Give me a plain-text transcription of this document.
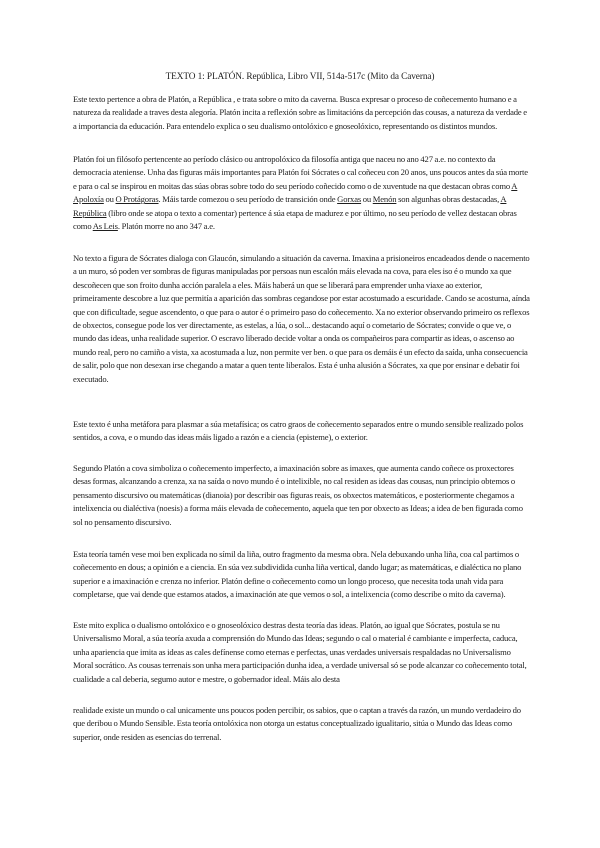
TEXTO 1: PLATÓN. República, Libro VII, 514a-517c (Mito da Caverna)

Este texto pertence a obra de Platón, a República , e trata sobre o mito da caverna. Busca expresar o proceso de coñecemento humano e a natureza da realidade a traves desta alegoría. Platón incita a reflexión sobre as limitacións da percepción das cousas, a natureza da verdade e a importancia da educación. Para entendelo explica o seu dualismo ontolóxico e gnoseolóxico, representando os distintos mundos.

Platón foi un filósofo pertencente ao período clásico ou antropolóxico da filosofía antiga que naceu no ano 427 a.e. no contexto da democracia ateniense. Unha das figuras máis importantes para Platón foi Sócrates o cal coñeceu con 20 anos, uns poucos antes da súa morte e para o cal se inspirou en moitas das súas obras sobre todo do seu período coñecido como o de xuventude na que destacan obras como A Apoloxía ou O Protágoras. Máis tarde comezou o seu período de transición onde Gorxas ou Menón son algunhas obras destacadas, A República (libro onde se atopa o texto a comentar) pertence á súa etapa de madurez e por último, no seu período de vellez destacan obras como As Leis. Platón morre no ano 347 a.e.

No texto a figura de Sócrates dialoga con Glaucón, simulando a situación da caverna. Imaxina a prisioneiros encadeados dende o nacemento a un muro, só poden ver sombras de figuras manipuladas por persoas nun escalón máis elevada na cova, para eles iso é o mundo xa que descoñecen que son froito dunha acción paralela a eles. Máis haberá un que se liberará para emprender unha viaxe ao exterior, primeiramente descobre a luz que permitía a aparición das sombras cegandose por estar acostumado a escuridade. Cando se acostuma, aínda que con dificultade, segue ascendento, o que para o autor é o primeiro paso do coñecemento. Xa no exterior observando primeiro os reflexos de obxectos, consegue pode los ver directamente, as estelas, a lúa, o sol... destacando aquí o cometario de Sócrates; convide o que ve, o mundo das ideas, unha realidade superior. O escravo liberado decide voltar a onda os compañeiros para compartir as ideas, o ascenso ao mundo real, pero no camiño a vista, xa acostumada a luz, non permite ver ben. o que para os demáis é un efecto da saída, unha consecuencia de salir, polo que non desexan irse chegando a matar a quen tente liberalos. Esta é unha alusión a Sócrates, xa que por ensinar e debatir foi executado.

Este texto é unha metáfora para plasmar a súa metafísica; os catro graos de coñecemento separados entre o mundo sensible realizado polos sentidos, a cova, e o mundo das ideas máis ligado a razón e a ciencia (episteme), o exterior.

Segundo Platón a cova simboliza o coñecemento imperfecto, a imaxinación sobre as imaxes, que aumenta cando coñece os proxectores desas formas, alcanzando a crenza, xa na saída o novo mundo é o intelixible, no cal residen as ideas das cousas, nun principio obtemos o pensamento discursivo ou matemáticas (dianoia) por describir oas figuras reais, os obxectos matemáticos, e posteriormente chegamos a intelixencia ou dialéctiva (noesis) a forma máis elevada de coñecemento, aquela que ten por obxecto as Ideas; a idea de ben figurada como sol no pensamento discursivo.

Esta teoría tamén vese moi ben explicada no símil da liña, outro fragmento da mesma obra. Nela debuxando unha liña, coa cal partimos o coñecemento en dous; a opinión e a ciencia. En súa vez subdividida cunha liña vertical, dando lugar; as matemáticas, e dialéctica no plano superior e a imaxinación e crenza no inferior. Platón define o coñecemento como un longo proceso, que necesita toda unah vida para completarse, que vai dende que estamos atados, a imaxinación ate que vemos o sol, a intelixencia (como describe o mito da caverna).

Este mito explica o dualismo ontolóxico e o gnoseolóxico destras desta teoría das ideas. Platón, ao igual que Sócrates, postula se nu Universalismo Moral, a súa teoría axuda a comprensión do Mundo das Ideas; segundo o cal o material é cambiante e imperfecta, caduca, unha apariencia que imita as ideas as cales defínense como eternas e perfectas, unas verdades universais respaldadas no Universalismo Moral socrático. As cousas terrenais son unha mera participación dunha idea, a verdade universal só se pode alcanzar co coñecemento total, cualidade a cal deberia, segumo autor e mestre, o gobernador ideal. Máis alo desta

realidade existe un mundo o cal unicamente uns poucos poden percibir, os sabios, que o captan a través da razón, un mundo verdadeiro do que deribou o Mundo Sensible. Esta teoría ontolóxica non otorga un estatus conceptualizado igualitario, sitúa o Mundo das Ideas como superior, onde residen as esencias do terrenal.
